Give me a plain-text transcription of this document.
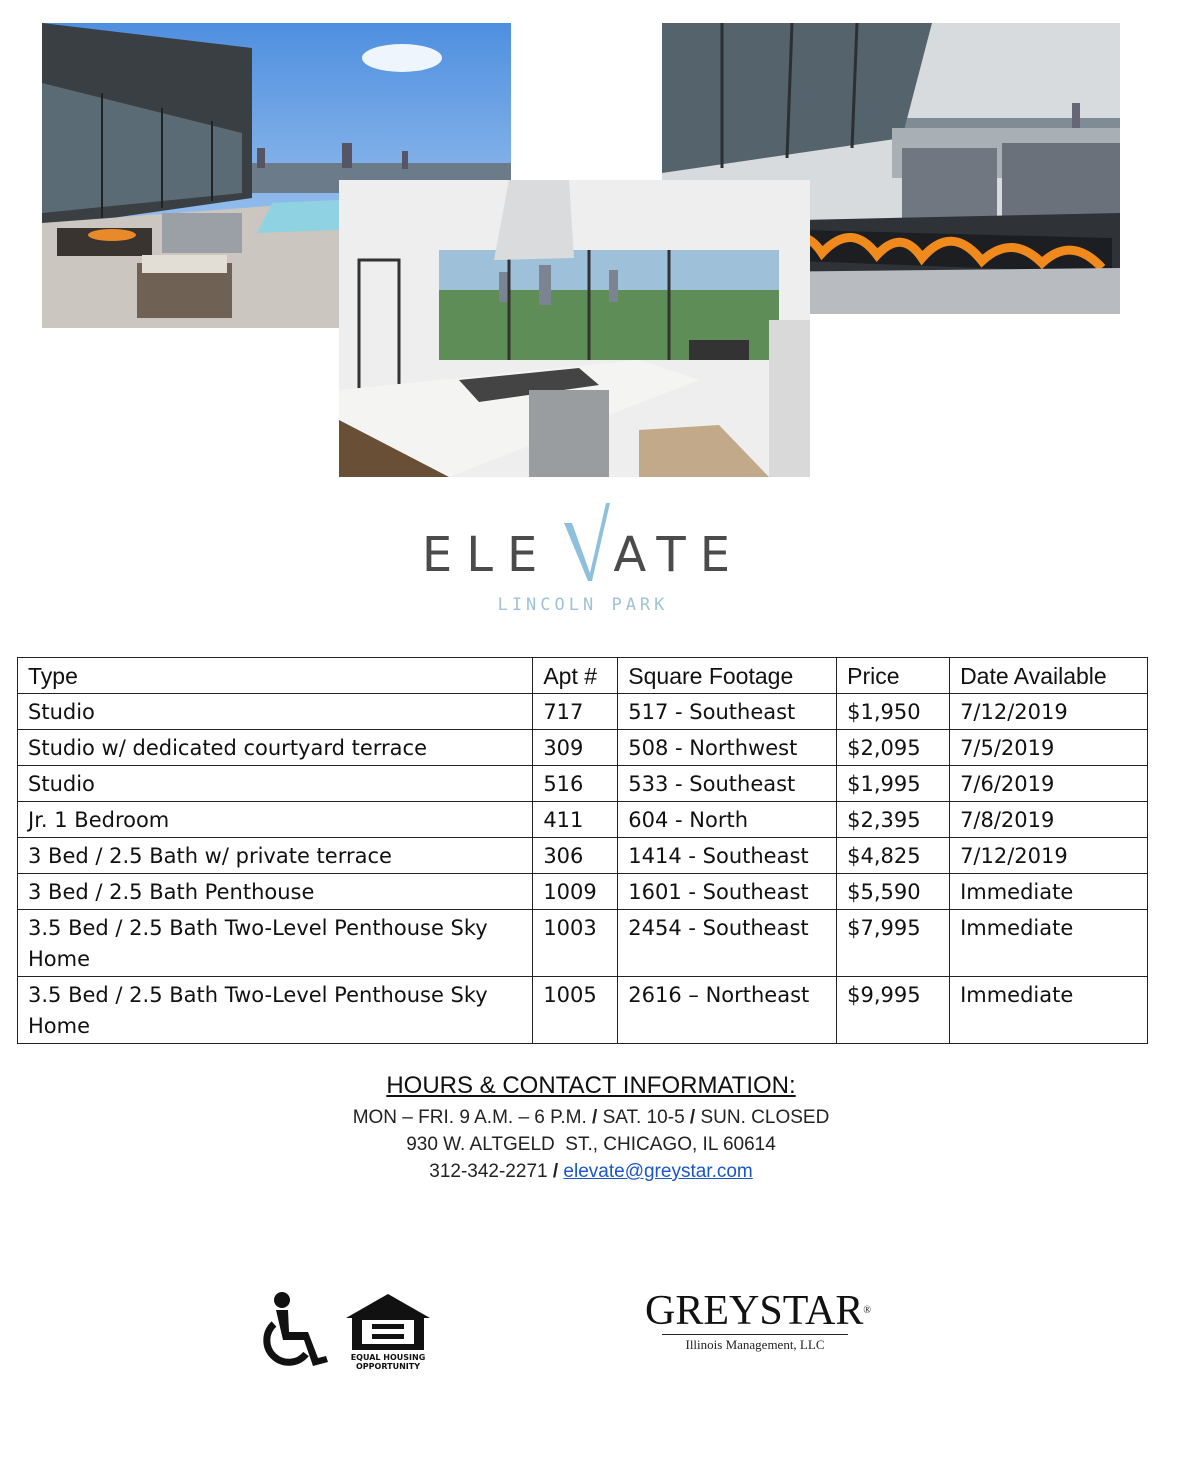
ELE ATE
LINCOLN PARK
Type	Apt #	Square Footage	Price	Date Available
Studio	717	517 - Southeast	$1,950	7/12/2019
Studio w/ dedicated courtyard terrace	309	508 - Northwest	$2,095	7/5/2019
Studio	516	533 - Southeast	$1,995	7/6/2019
Jr. 1 Bedroom	411	604 - North	$2,395	7/8/2019
3 Bed / 2.5 Bath w/ private terrace	306	1414 - Southeast	$4,825	7/12/2019
3 Bed / 2.5 Bath Penthouse	1009	1601 - Southeast	$5,590	Immediate
3.5 Bed / 2.5 Bath Two-Level Penthouse Sky Home	1003	2454 - Southeast	$7,995	Immediate
3.5 Bed / 2.5 Bath Two-Level Penthouse Sky Home	1005	2616 – Northeast	$9,995	Immediate
HOURS & CONTACT INFORMATION:
MON – FRI. 9 A.M. – 6 P.M. / SAT. 10-5 / SUN. CLOSED
930 W. ALTGELD  ST., CHICAGO, IL 60614
312-342-2271 / elevate@greystar.com
EQUAL HOUSING
OPPORTUNITY
GREYSTAR®
Illinois Management, LLC
